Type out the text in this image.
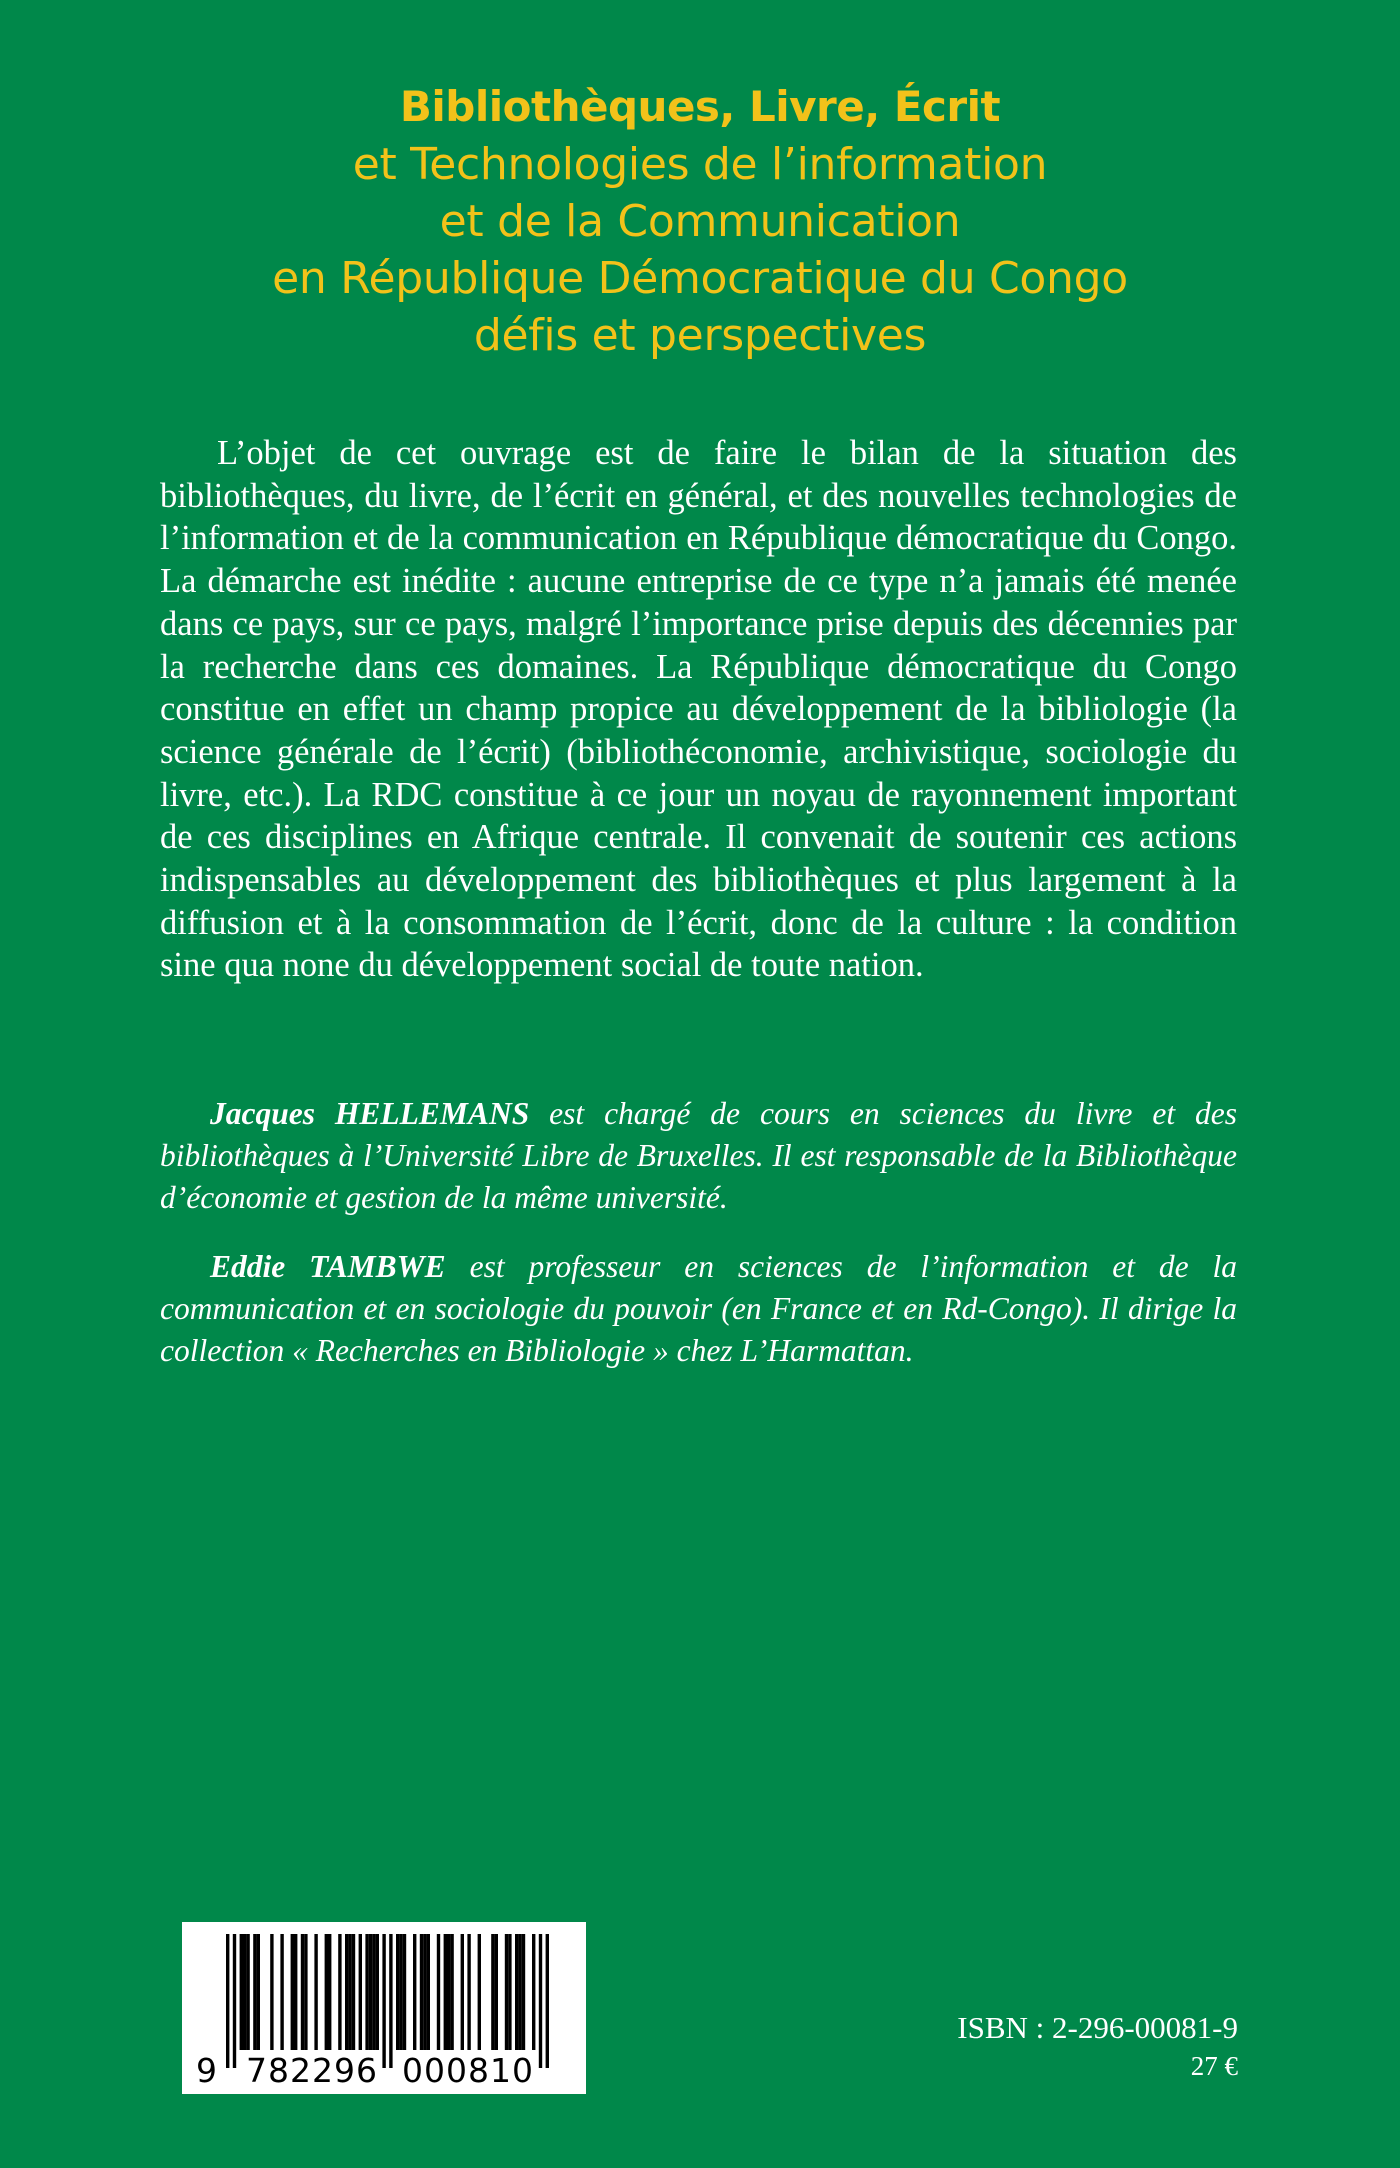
Bibliothèques, Livre, Écrit
et Technologies de l’information
et de la Communication
en République Démocratique du Congo
défis et perspectives

L’objet de cet ouvrage est de faire le bilan de la situation des bibliothèques, du livre, de l’écrit en général, et des nouvelles technologies de l’information et de la communication en République démocratique du Congo. La démarche est inédite : aucune entreprise de ce type n’a jamais été menée dans ce pays, sur ce pays, malgré l’importance prise depuis des décennies par la recherche dans ces domaines. La République démocratique du Congo constitue en effet un champ propice au développement de la bibliologie (la science générale de l’écrit) (bibliothéconomie, archivistique, sociologie du livre, etc.). La RDC constitue à ce jour un noyau de rayonnement important de ces disciplines en Afrique centrale. Il convenait de soutenir ces actions indispensables au développement des bibliothèques et plus largement à la diffusion et à la consommation de l’écrit, donc de la culture : la condition sine qua none du développement social de toute nation.

Jacques HELLEMANS est chargé de cours en sciences du livre et des bibliothèques à l’Université Libre de Bruxelles. Il est responsable de la Bibliothèque d’économie et gestion de la même université.

Eddie TAMBWE est professeur en sciences de l’information et de la communication et en sociologie du pouvoir (en France et en Rd-Congo). Il dirige la collection « Recherches en Bibliologie » chez L’Harmattan.

9 782296 000810
ISBN : 2-296-00081-9
27 €
